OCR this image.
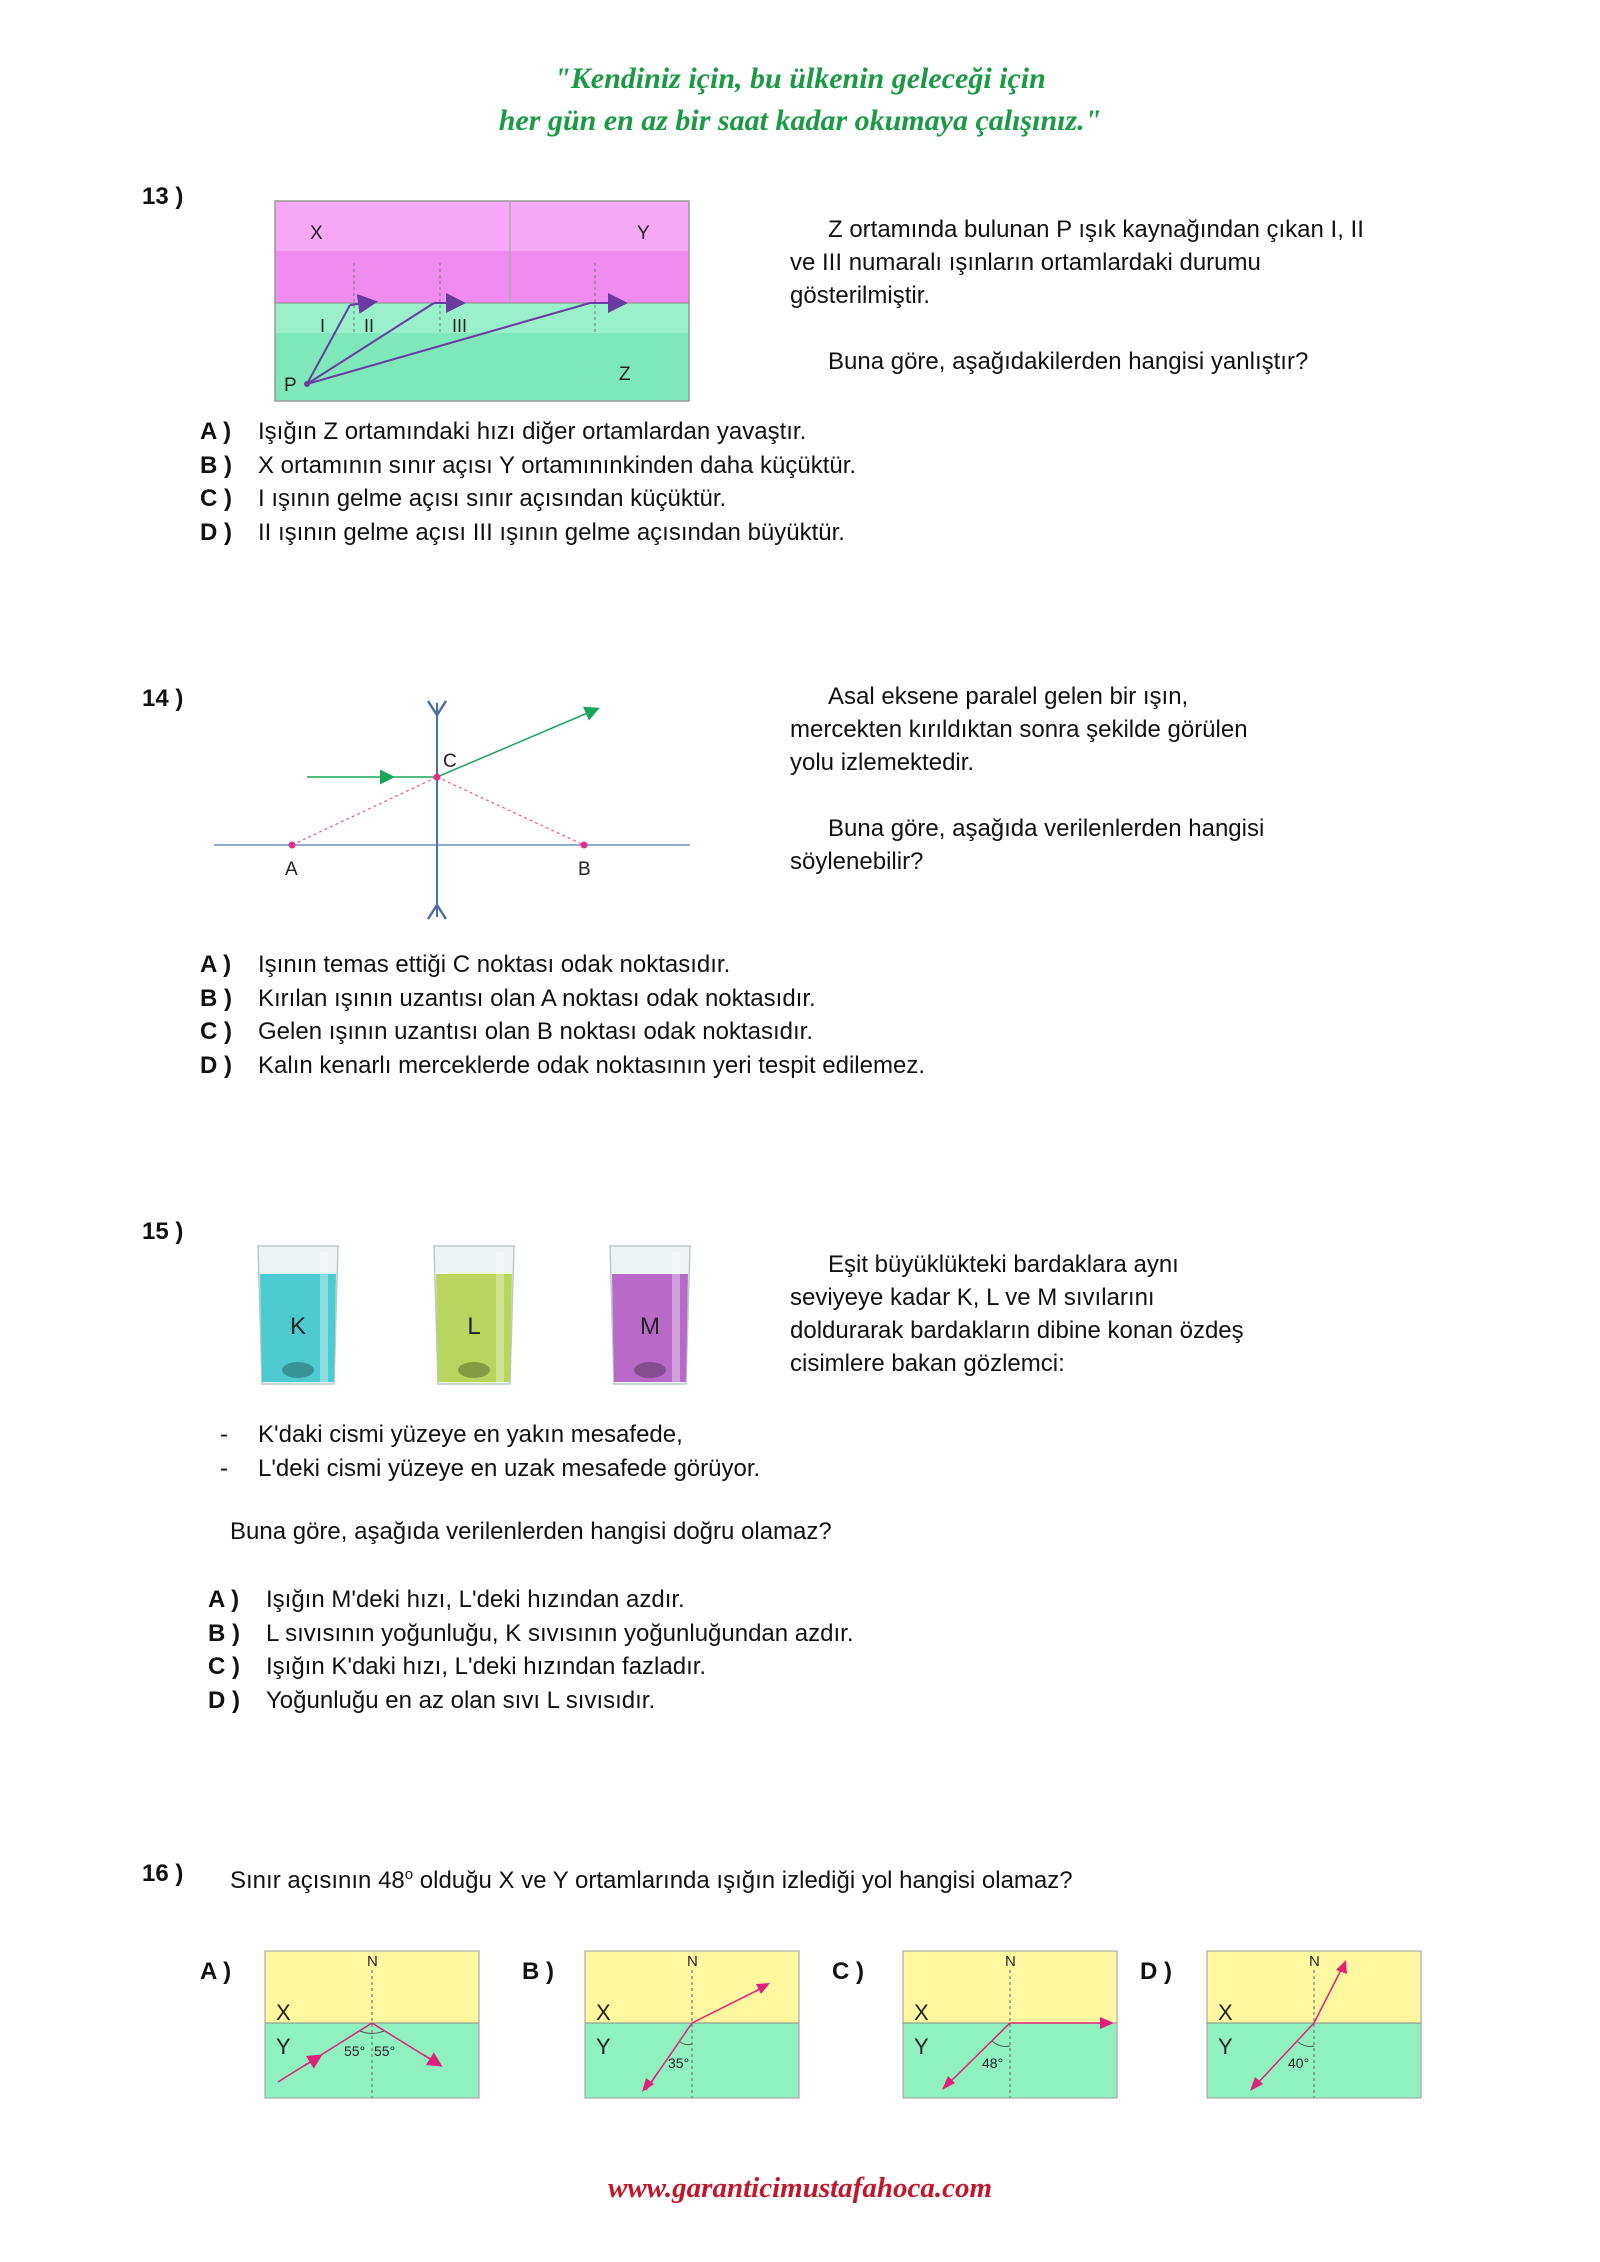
"Kendiniz için, bu ülkenin geleceği için
her gün en az bir saat kadar okumaya çalışınız."
13 )
X	Y
I II	III
P
Z

Z ortamında bulunan P ışık kaynağından çıkan I, II ve III numaralı ışınların ortamlardaki durumu gösterilmiştir.

Buna göre, aşağıdakilerden hangisi yanlıştır?

A ) Işığın Z ortamındaki hızı diğer ortamlardan yavaştır.
B ) X ortamının sınır açısı Y ortamınınkinden daha küçüktür.
C ) I ışının gelme açısı sınır açısından küçüktür.
D ) II ışının gelme açısı III ışının gelme açısından büyüktür.
14 )
A	B
C

Asal eksene paralel gelen bir ışın, mercekten kırıldıktan sonra şekilde görülen yolu izlemektedir.

Buna göre, aşağıda verilenlerden hangisi söylenebilir?

A ) Işının temas ettiği C noktası odak noktasıdır.
B ) Kırılan ışının uzantısı olan A noktası odak noktasıdır.
C ) Gelen ışının uzantısı olan B noktası odak noktasıdır.
D ) Kalın kenarlı merceklerde odak noktasının yeri tespit edilemez.
15 )
K	L	M

Eşit büyüklükteki bardaklara aynı seviyeye kadar K, L ve M sıvılarını doldurarak bardakların dibine konan özdeş cisimlere bakan gözlemci:

- K'daki cismi yüzeye en yakın mesafede,
- L'deki cismi yüzeye en uzak mesafede görüyor.
Buna göre, aşağıda verilenlerden hangisi doğru olamaz?
A ) Işığın M'deki hızı, L'deki hızından azdır.
B ) L sıvısının yoğunluğu, K sıvısının yoğunluğundan azdır.
C ) Işığın K'daki hızı, L'deki hızından fazladır.
D ) Yoğunluğu en az olan sıvı L sıvısıdır.
16 ) Sınır açısının 48$^o$ olduğu X ve Y ortamlarında ışığın izlediği yol hangisi olamaz?
A )	B )	C )	D )
N
X
Y	55° 55°
N
X
Y
35°
N
X
Y
48°
N
X
Y
40°
www.garanticimustafahoca.com
